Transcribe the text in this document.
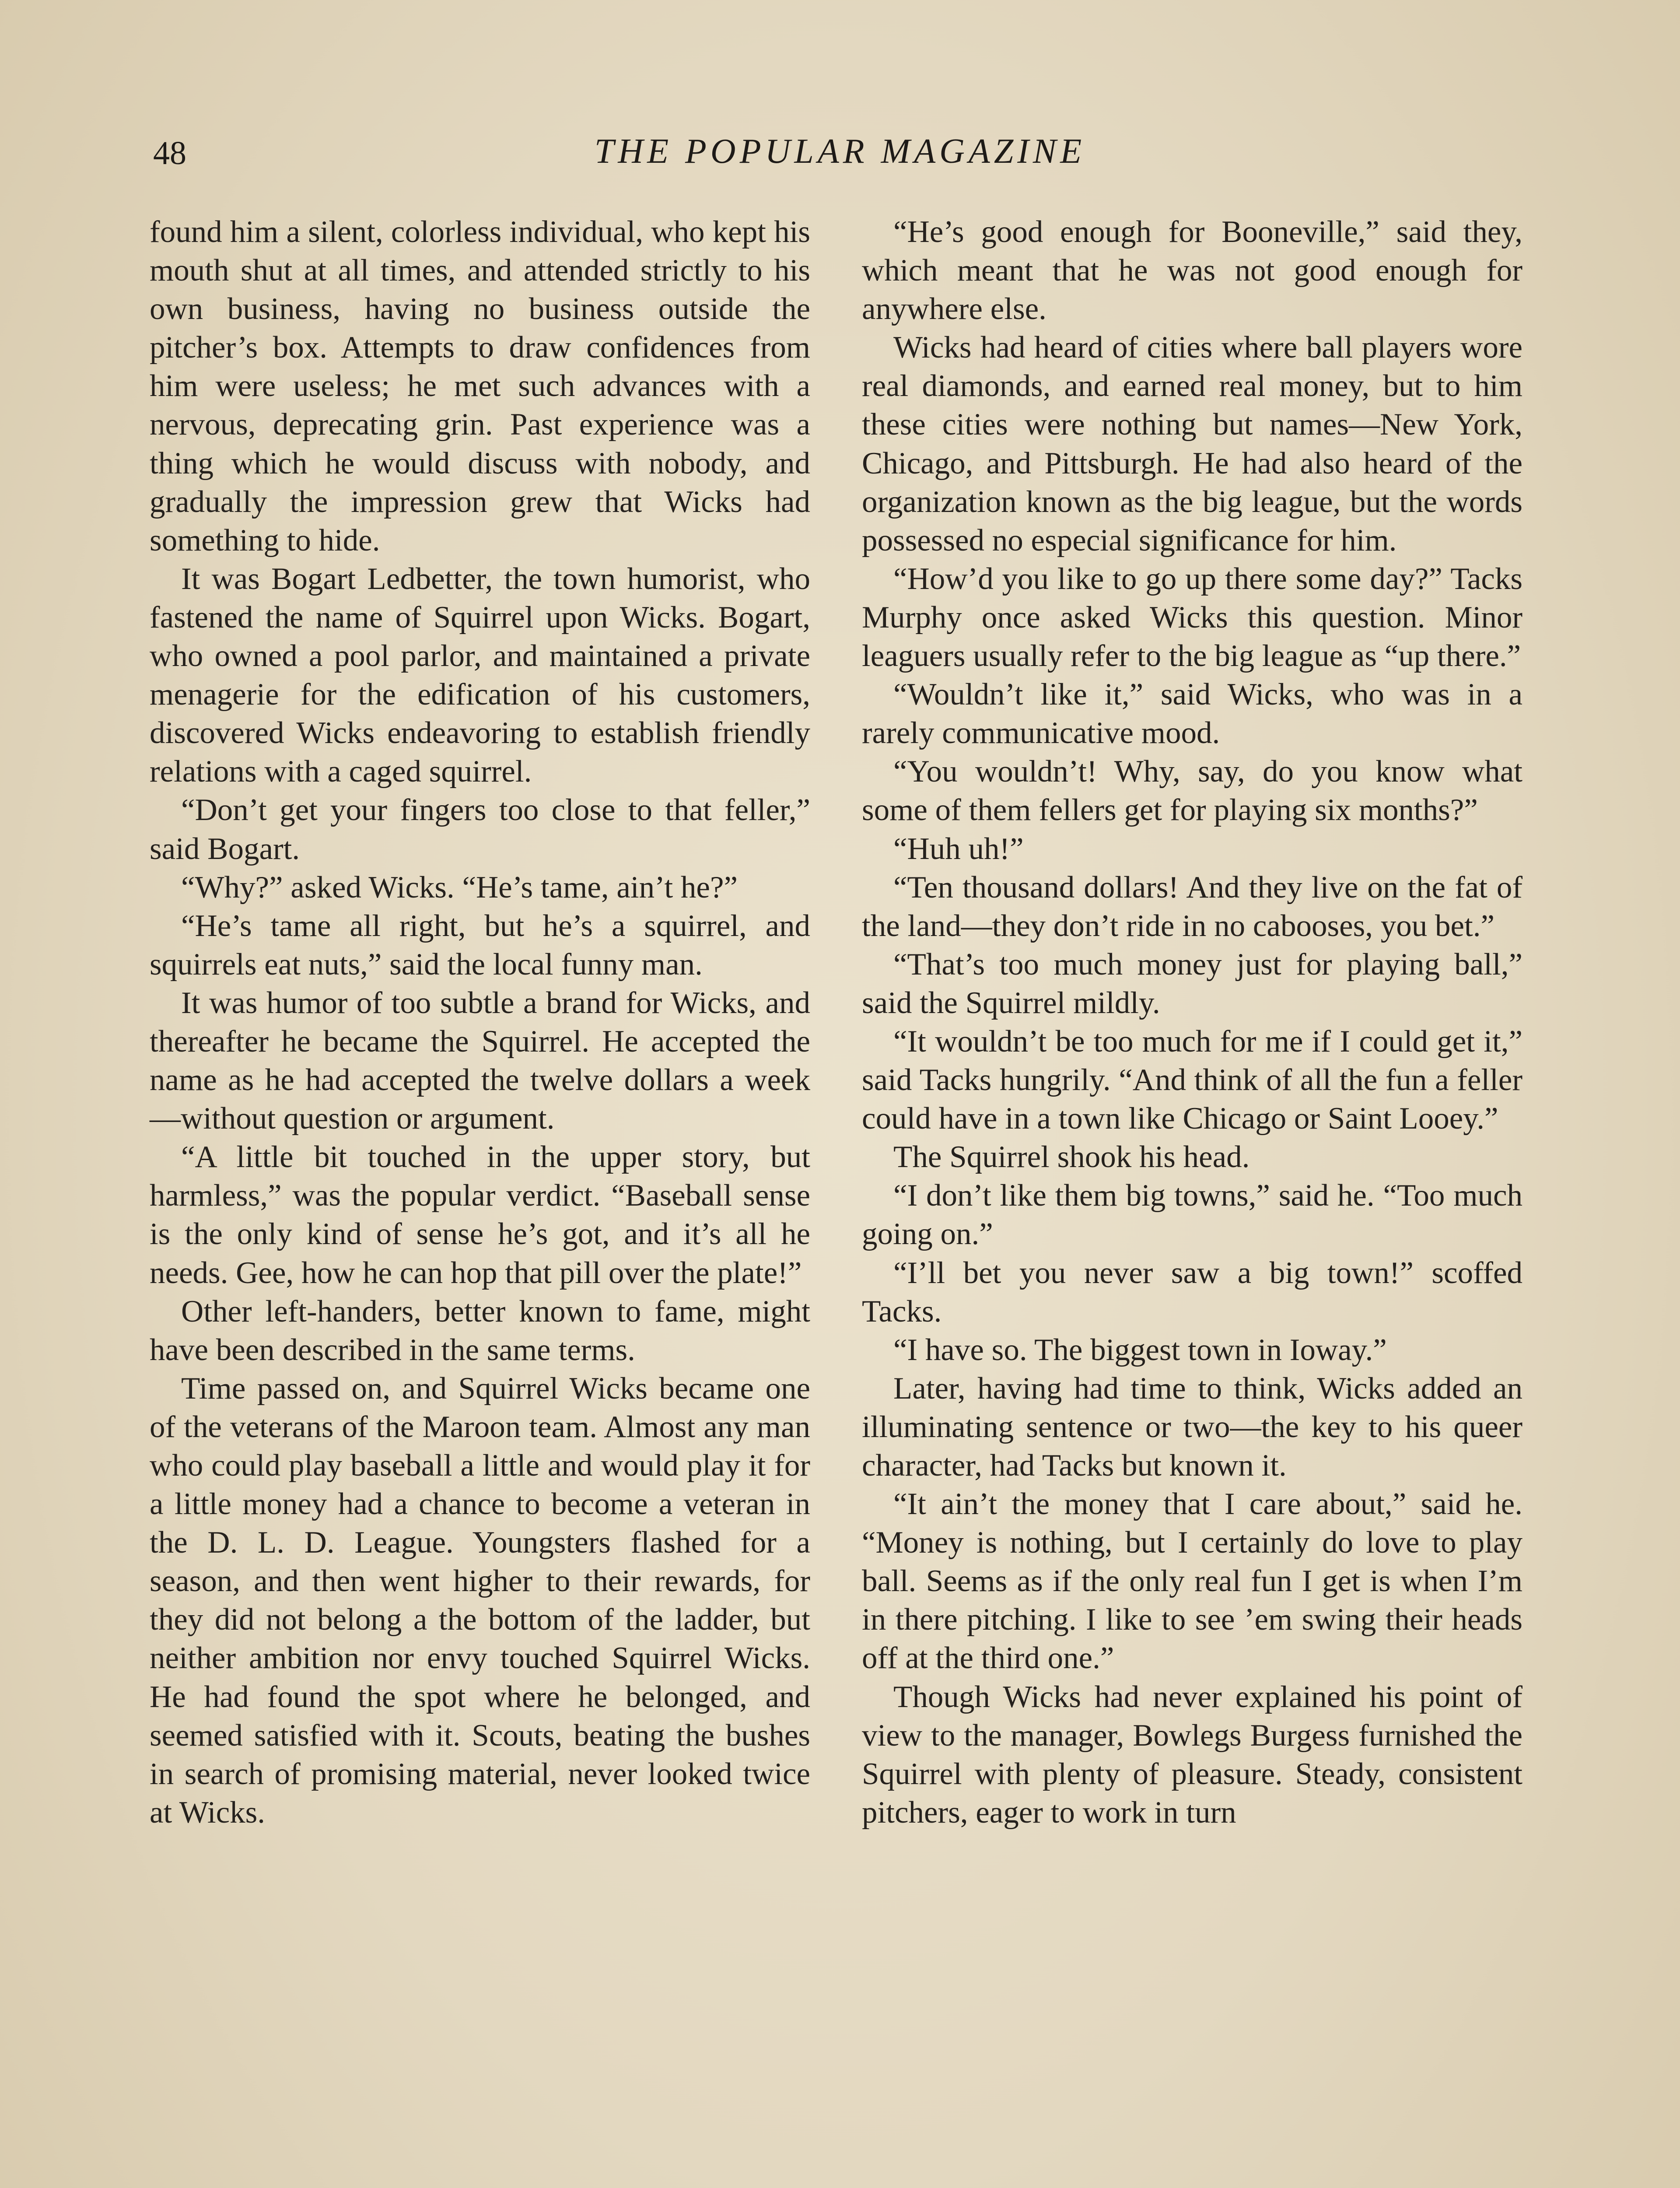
48	THE POPULAR MAGAZINE

found him a silent, colorless individual, who kept his mouth shut at all times, and attended strictly to his own business, having no business outside the pitcher’s box. Attempts to draw confidences from him were useless; he met such advances with a nervous, deprecating grin. Past experience was a thing which he would discuss with nobody, and gradually the impression grew that Wicks had something to hide.

It was Bogart Ledbetter, the town humorist, who fastened the name of Squirrel upon Wicks. Bogart, who owned a pool parlor, and maintained a private menagerie for the edification of his customers, discovered Wicks endeavoring to establish friendly relations with a caged squirrel.

“Don’t get your fingers too close to that feller,” said Bogart.

“Why?” asked Wicks. “He’s tame, ain’t he?”

“He’s tame all right, but he’s a squirrel, and squirrels eat nuts,” said the local funny man.

It was humor of too subtle a brand for Wicks, and thereafter he became the Squirrel. He accepted the name as he had accepted the twelve dollars a week—without question or argument.

“A little bit touched in the upper story, but harmless,” was the popular verdict. “Baseball sense is the only kind of sense he’s got, and it’s all he needs. Gee, how he can hop that pill over the plate!”

Other left-handers, better known to fame, might have been described in the same terms.

Time passed on, and Squirrel Wicks became one of the veterans of the Maroon team. Almost any man who could play baseball a little and would play it for a little money had a chance to become a veteran in the D. L. D. League. Youngsters flashed for a season, and then went higher to their rewards, for they did not belong a the bottom of the ladder, but neither ambition nor envy touched Squirrel Wicks. He had found the spot where he belonged, and seemed satisfied with it. Scouts, beating the bushes in search of promising material, never looked twice at Wicks.

“He’s good enough for Booneville,” said they, which meant that he was not good enough for anywhere else.

Wicks had heard of cities where ball players wore real diamonds, and earned real money, but to him these cities were nothing but names—New York, Chicago, and Pittsburgh. He had also heard of the organization known as the big league, but the words possessed no especial significance for him.

“How’d you like to go up there some day?” Tacks Murphy once asked Wicks this question. Minor leaguers usually refer to the big league as “up there.”

“Wouldn’t like it,” said Wicks, who was in a rarely communicative mood.

“You wouldn’t! Why, say, do you know what some of them fellers get for playing six months?”

“Huh uh!”

“Ten thousand dollars! And they live on the fat of the land—they don’t ride in no cabooses, you bet.”

“That’s too much money just for playing ball,” said the Squirrel mildly.

“It wouldn’t be too much for me if I could get it,” said Tacks hungrily. “And think of all the fun a feller could have in a town like Chicago or Saint Looey.”

The Squirrel shook his head.

“I don’t like them big towns,” said he. “Too much going on.”

“I’ll bet you never saw a big town!” scoffed Tacks.

“I have so. The biggest town in Ioway.”

Later, having had time to think, Wicks added an illuminating sentence or two—the key to his queer character, had Tacks but known it.

“It ain’t the money that I care about,” said he. “Money is nothing, but I certainly do love to play ball. Seems as if the only real fun I get is when I’m in there pitching. I like to see ’em swing their heads off at the third one.”

Though Wicks had never explained his point of view to the manager, Bowlegs Burgess furnished the Squirrel with plenty of pleasure. Steady, consistent pitchers, eager to work in turn
